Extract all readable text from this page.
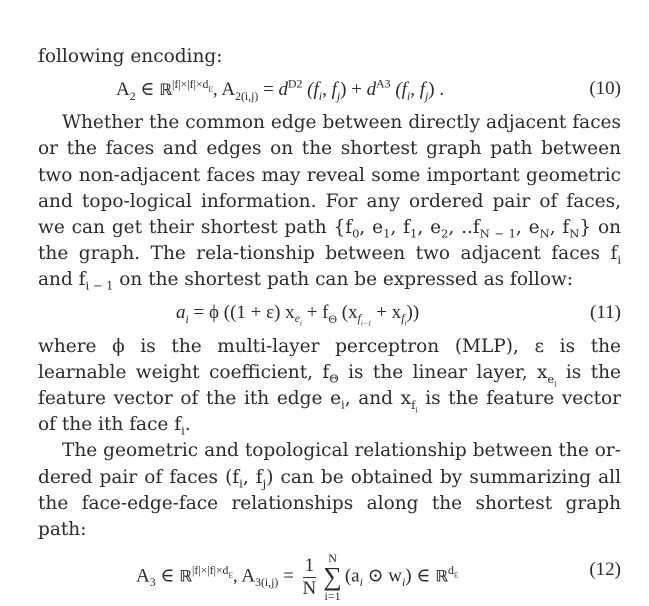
following encoding:

$A_2$ ∈ ℝ$^{|f|\times|f|\times d_E}$, $A_{2(i,j)} = d^{D2}$ ($f_i$, $f_j) + d^{A3}$ ($f_i$, $f_j$) .	(10)

Whether the common edge between directly adjacent faces or the faces and edges on the shortest graph path between two non-adjacent faces may reveal some important geometric and topo-logical information. For any ordered pair of faces, we can get their shortest path {$f_0$, $e_1$, $f_1$, $e_2$, $..f_{N - 1}$, $e_N$, $f_N$} on the graph. The rela-tionship between two adjacent faces $f_i$ and $f_{i - 1}$ on the shortest path can be expressed as follow:

$a_i = \phi$ ((1 + ε) $x_{e_i} + f_\Theta$ $(x_{f_{i-1}} + x_{f_i})$)	(11)

where ϕ is the multi-layer perceptron (MLP), ε is the learnable weight coefficient, $f_\Theta$ is the linear layer, $x_{e_i}$ is the feature vector of the ith edge $e_i$, and $x_{f_i}$ is the feature vector of the ith face $f_i$.

The geometric and topological relationship between the or-dered pair of faces ($f_i$, $f_j$) can be obtained by summarizing all the face-edge-face relationships along the shortest graph path:

$A_3$ ∈ ℝ$^{|f|\times|f|\times d_E}$, $A_{3(i,j)} = \frac{1}{N}$ N
∑
i=1
($a_i$ ⊙ $w_i$) ∈ ℝ$^{d_E}$	(12)
